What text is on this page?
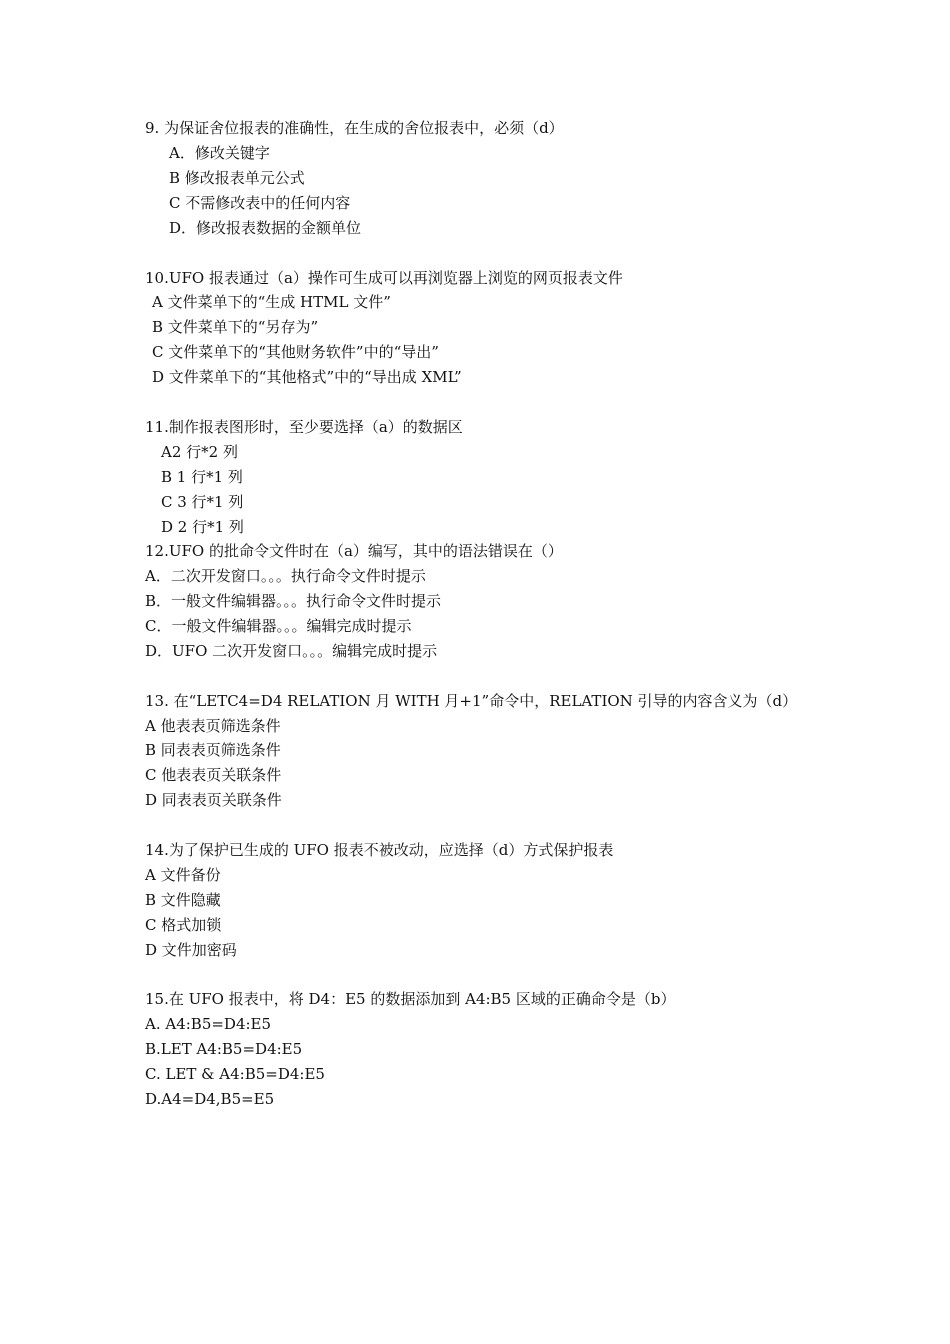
9. 为保证舍位报表的准确性，在生成的舍位报表中，必须（d）
A．修改关键字
B 修改报表单元公式
C 不需修改表中的任何内容
D．修改报表数据的金额单位
10.UFO 报表通过（a）操作可生成可以再浏览器上浏览的网页报表文件
A 文件菜单下的“生成 HTML 文件”
B 文件菜单下的“另存为”
C 文件菜单下的“其他财务软件”中的“导出”
D 文件菜单下的“其他格式”中的“导出成 XML”
11.制作报表图形时，至少要选择（a）的数据区
A2 行*2 列
B 1 行*1 列
C 3 行*1 列
D 2 行*1 列
12.UFO 的批命令文件时在（a）编写，其中的语法错误在（）
A．二次开发窗口。。。执行命令文件时提示
B．一般文件编辑器。。。执行命令文件时提示
C．一般文件编辑器。。。编辑完成时提示
D．UFO 二次开发窗口。。。编辑完成时提示
13. 在“LETC4=D4 RELATION 月 WITH 月+1”命令中，RELATION 引导的内容含义为（d）
A 他表表页筛选条件
B 同表表页筛选条件
C 他表表页关联条件
D 同表表页关联条件
14.为了保护已生成的 UFO 报表不被改动，应选择（d）方式保护报表
A 文件备份
B 文件隐藏
C 格式加锁
D 文件加密码
15.在 UFO 报表中，将 D4：E5 的数据添加到 A4:B5 区域的正确命令是（b）
A. A4:B5=D4:E5
B.LET A4:B5=D4:E5
C. LET & A4:B5=D4:E5
D.A4=D4,B5=E5
